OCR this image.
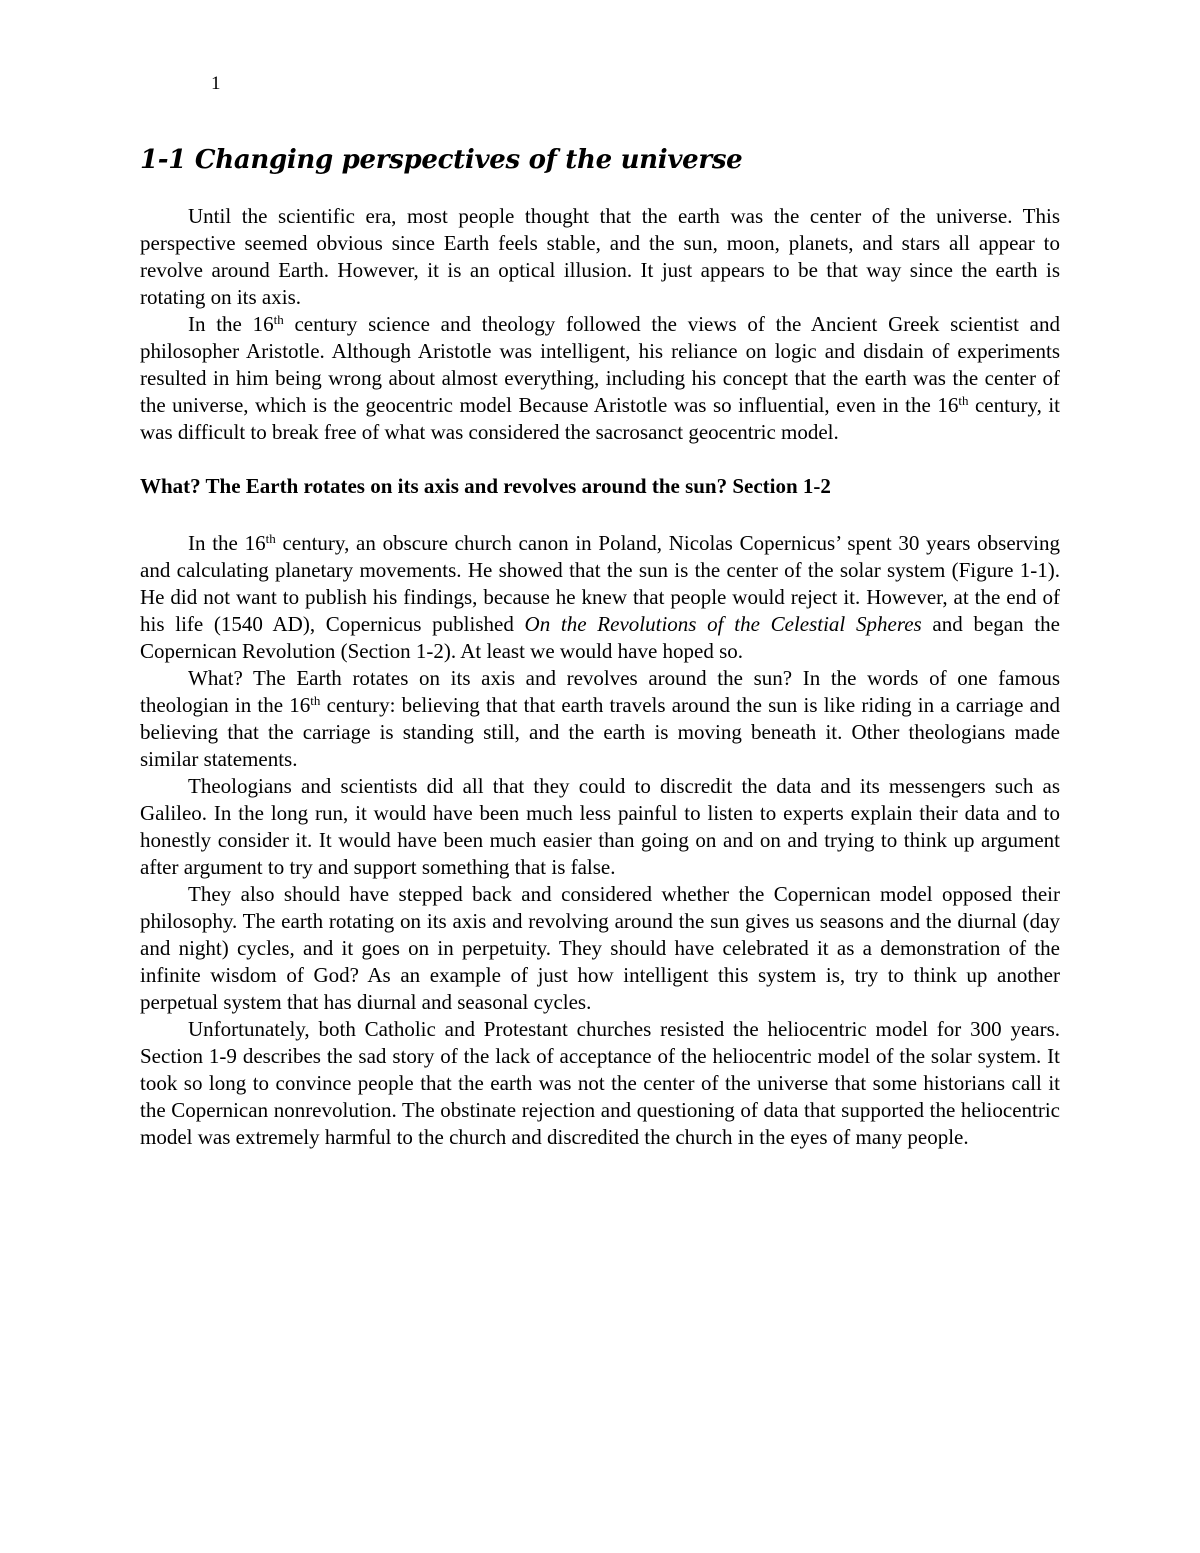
1
1-1 Changing perspectives of the universe

Until the scientific era, most people thought that the earth was the center of the universe. This perspective seemed obvious since Earth feels stable, and the sun, moon, planets, and stars all appear to revolve around Earth. However, it is an optical illusion. It just appears to be that way since the earth is rotating on its axis.

In the 16th century science and theology followed the views of the Ancient Greek scientist and philosopher Aristotle. Although Aristotle was intelligent, his reliance on logic and disdain of experiments resulted in him being wrong about almost everything, including his concept that the earth was the center of the universe, which is the geocentric model Because Aristotle was so influential, even in the 16th century, it was difficult to break free of what was considered the sacrosanct geocentric model.

What? The Earth rotates on its axis and revolves around the sun? Section 1-2

In the 16th century, an obscure church canon in Poland, Nicolas Copernicus’ spent 30 years observing and calculating planetary movements. He showed that the sun is the center of the solar system (Figure 1-1). He did not want to publish his findings, because he knew that people would reject it. However, at the end of his life (1540 AD), Copernicus published On the Revolutions of the Celestial Spheres and began the Copernican Revolution (Section 1-2). At least we would have hoped so.

What? The Earth rotates on its axis and revolves around the sun? In the words of one famous theologian in the 16th century: believing that that earth travels around the sun is like riding in a carriage and believing that the carriage is standing still, and the earth is moving beneath it. Other theologians made similar statements.

Theologians and scientists did all that they could to discredit the data and its messengers such as Galileo. In the long run, it would have been much less painful to listen to experts explain their data and to honestly consider it. It would have been much easier than going on and on and trying to think up argument after argument to try and support something that is false.

They also should have stepped back and considered whether the Copernican model opposed their philosophy. The earth rotating on its axis and revolving around the sun gives us seasons and the diurnal (day and night) cycles, and it goes on in perpetuity. They should have celebrated it as a demonstration of the infinite wisdom of God? As an example of just how intelligent this system is, try to think up another perpetual system that has diurnal and seasonal cycles.

Unfortunately, both Catholic and Protestant churches resisted the heliocentric model for 300 years. Section 1-9 describes the sad story of the lack of acceptance of the heliocentric model of the solar system. It took so long to convince people that the earth was not the center of the universe that some historians call it the Copernican nonrevolution. The obstinate rejection and questioning of data that supported the heliocentric model was extremely harmful to the church and discredited the church in the eyes of many people.
